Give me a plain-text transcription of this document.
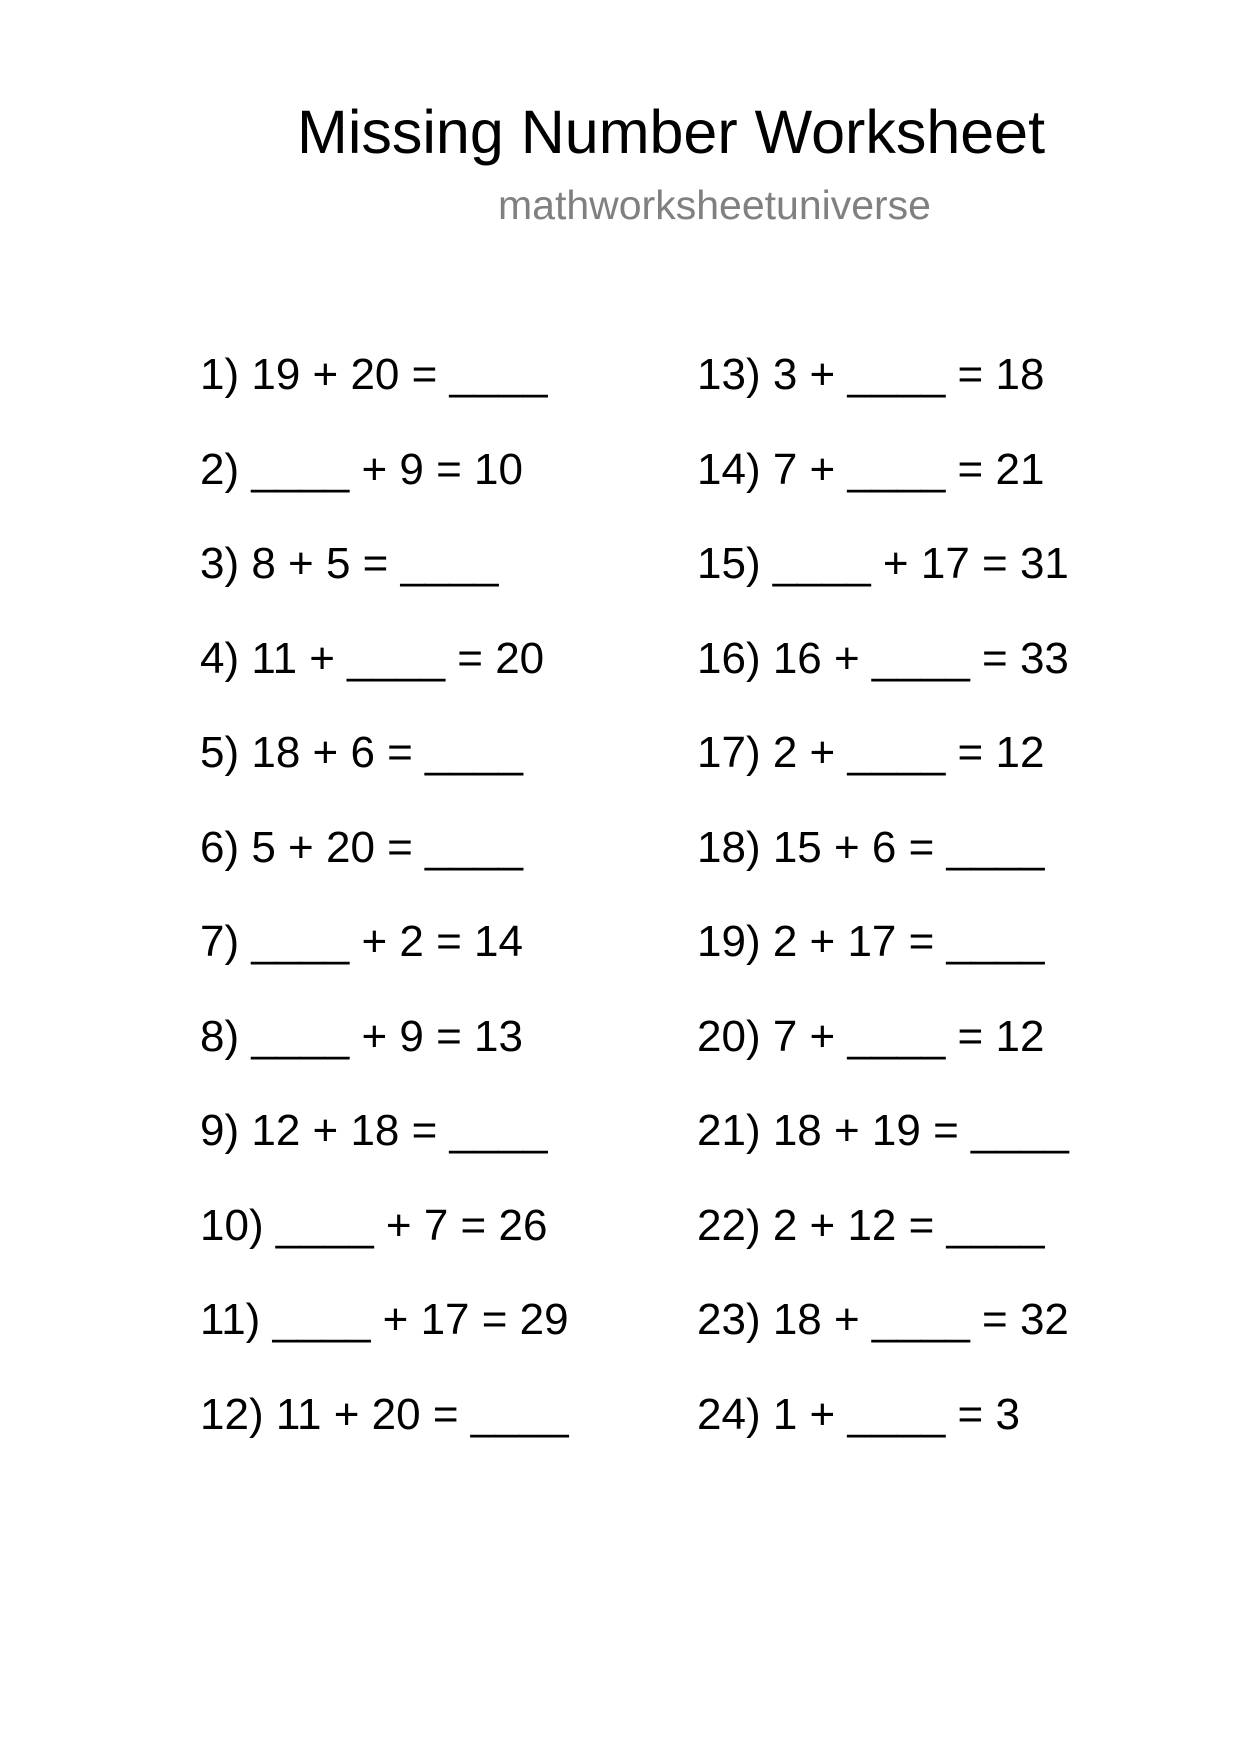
Missing Number Worksheet
mathworksheetuniverse
1)
19 + 20 = ____
2)
____ + 9 = 10
3)
8 + 5 = ____
4)
11 + ____ = 20
5)
18 + 6 = ____
6)
5 + 20 = ____
7)
____ + 2 = 14
8)
____ + 9 = 13
9)
12 + 18 = ____
10)
____ + 7 = 26
11)
____ + 17 = 29
12)
11 + 20 = ____
13)
3 + ____ = 18
14)
7 + ____ = 21
15)
____ + 17 = 31
16)
16 + ____ = 33
17)
2 + ____ = 12
18)
15 + 6 = ____
19)
2 + 17 = ____
20)
7 + ____ = 12
21)
18 + 19 = ____
22)
2 + 12 = ____
23)
18 + ____ = 32
24)
1 + ____ = 3
